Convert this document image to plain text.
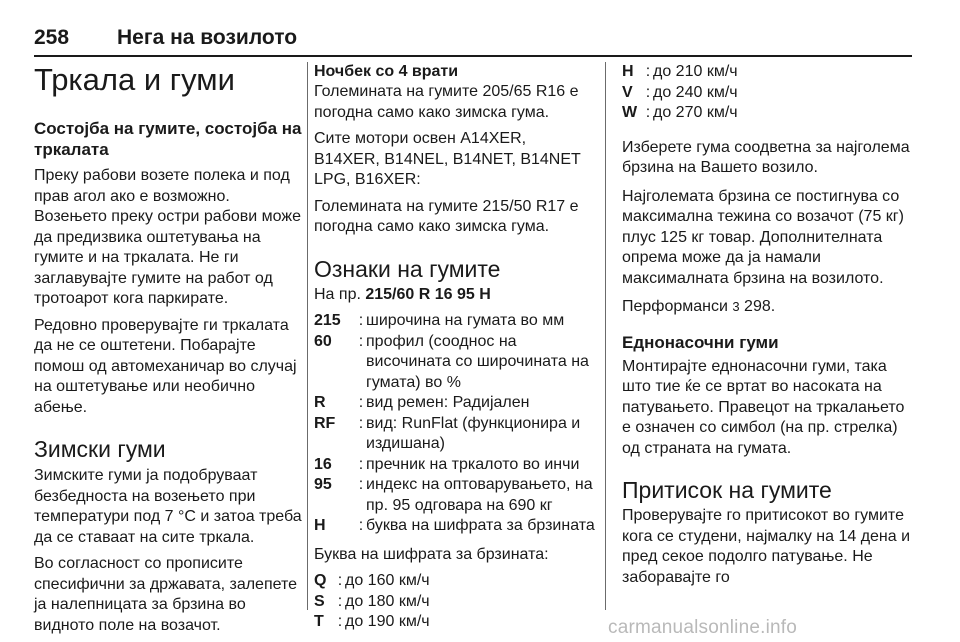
258 Нега на возилото
Тркала и гуми
Состојба на гумите, состојба на тркалата

Преку рабови возете полека и под прав агол ако е возможно. Возењето преку остри рабови може да предизвика оштетувања на гумите и на тркалата. Не ги заглавувајте гумите на работ од тротоарот кога паркирате.

Редовно проверувајте ги тркалата да не се оштетени. Побарајте помош од автомеханичар во случај на оштетување или необично абење.

Зимски гуми

Зимските гуми ја подобруваат безбедноста на возењето при температури под 7 °C и затоа треба да се ставаат на сите тркала.

Во согласност со прописите спесифични за државата, залепете ја налепницата за брзина во видното поле на возачот.

Ночбек со 4 врати

Големината на гумите 205/65 R16 е погодна само како зимска гума.

Сите мотори освен A14XER, B14XER, B14NEL, B14NET, B14NET LPG, B16XER:

Големината на гумите 215/50 R17 е погодна само како зимска гума.

Ознаки на гумите

На пр. 215/60 R 16 95 H

215	: широчина на гумата во мм
60	: профил (сооднос на височината со широчината на гумата) во %
R	: вид ремен: Радијален
RF	: вид: RunFlat (функционира и издишана)
16	: пречник на тркалото во инчи
95	: индекс на оптоварувањето, на пр. 95 одговара на 690 кг
H	: буква на шифрата за брзината

Буква на шифрата за брзината:

Q : до 160 км/ч
S : до 180 км/ч
T : до 190 км/ч
H : до 210 км/ч
V : до 240 км/ч
W : до 270 км/ч

Изберете гума соодветна за најголема брзина на Вашето возило.

Најголемата брзина се постигнува со максимална тежина со возачот (75 кг) плус 125 кг товар. Дополнителната опрема може да ја намали максималната брзина на возилото.

Перформанси 3 298.

Еднонасочни гуми

Монтирајте еднонасочни гуми, така што тие ќе се вртат во насоката на патувањето. Правецот на тркалањето е означен со симбол (на пр. стрелка) од страната на гумата.

Притисок на гумите

Проверувајте го притисокот во гумите кога се студени, најмалку на 14 дена и пред секое подолго патување. Не заборавајте го

carmanualsonline.info
